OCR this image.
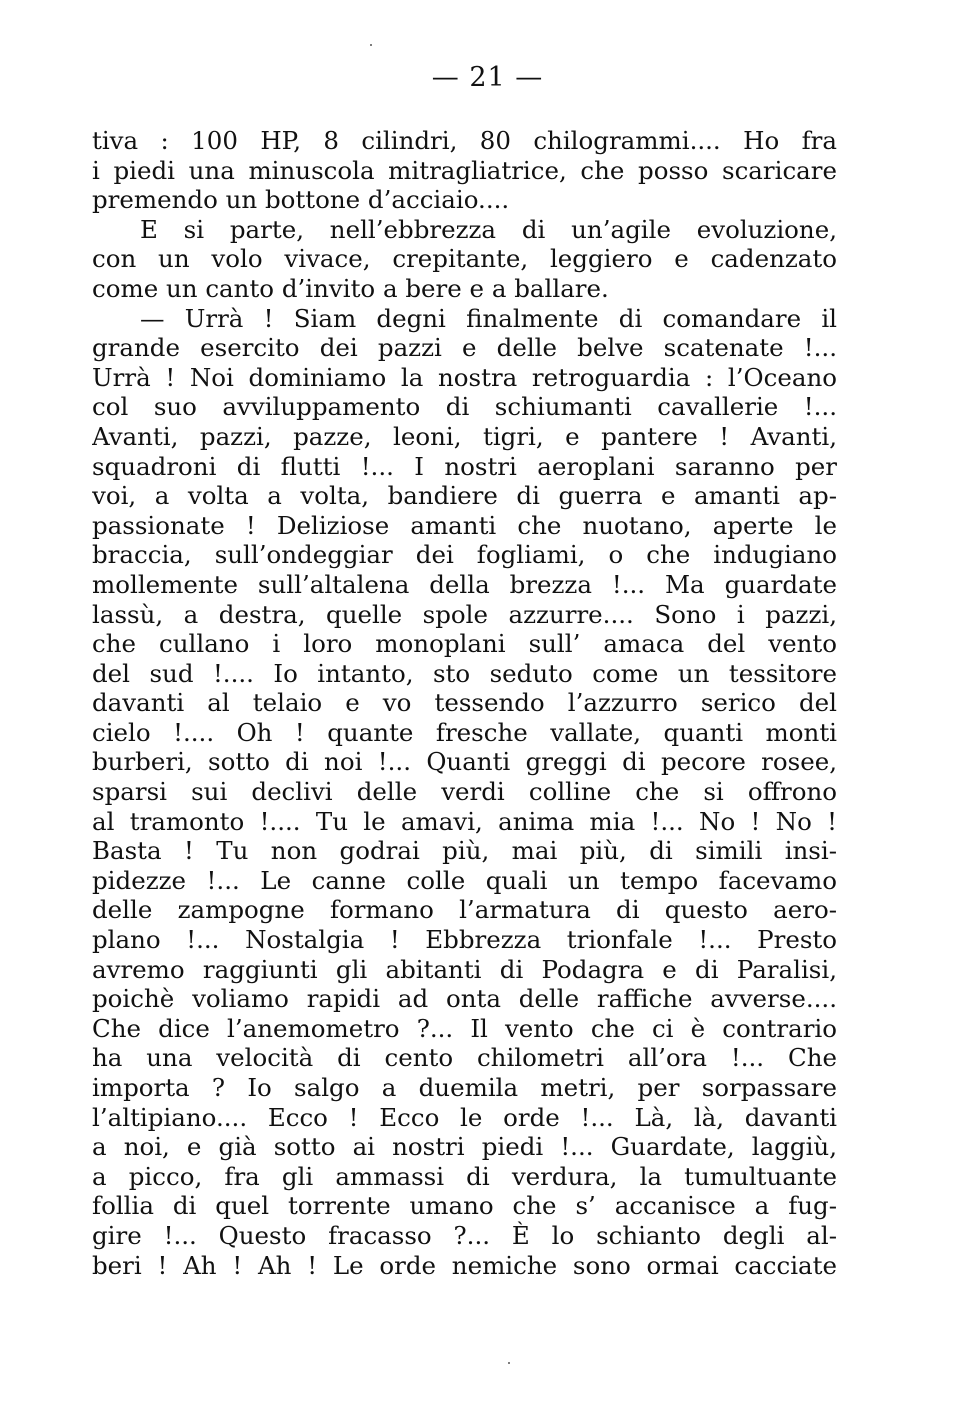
— 21 —
tiva : 100 HP, 8 cilindri, 80 chilogrammi.... Ho fra
i piedi una minuscola mitragliatrice, che posso scaricare
premendo un bottone d’acciaio....
E si parte, nell’ebbrezza di un’agile evoluzione,
con un volo vivace, crepitante, leggiero e cadenzato
come un canto d’invito a bere e a ballare.
— Urrà ! Siam degni finalmente di comandare il
grande esercito dei pazzi e delle belve scatenate !...
Urrà ! Noi dominiamo la nostra retroguardia : l’Oceano
col suo avviluppamento di schiumanti cavallerie !...
Avanti, pazzi, pazze, leoni, tigri, e pantere ! Avanti,
squadroni di flutti !... I nostri aeroplani saranno per
voi, a volta a volta, bandiere di guerra e amanti ap-
passionate ! Deliziose amanti che nuotano, aperte le
braccia, sull’ondeggiar dei fogliami, o che indugiano
mollemente sull’altalena della brezza !... Ma guardate
lassù, a destra, quelle spole azzurre.... Sono i pazzi,
che cullano i loro monoplani sull’ amaca del vento
del sud !.... Io intanto, sto seduto come un tessitore
davanti al telaio e vo tessendo l’azzurro serico del
cielo !.... Oh ! quante fresche vallate, quanti monti
burberi, sotto di noi !... Quanti greggi di pecore rosee,
sparsi sui declivi delle verdi colline che si offrono
al tramonto !.... Tu le amavi, anima mia !... No ! No !
Basta ! Tu non godrai più, mai più, di simili insi-
pidezze !... Le canne colle quali un tempo facevamo
delle zampogne formano l’armatura di questo aero-
plano !... Nostalgia ! Ebbrezza trionfale !... Presto
avremo raggiunti gli abitanti di Podagra e di Paralisi,
poichè voliamo rapidi ad onta delle raffiche avverse....
Che dice l’anemometro ?... Il vento che ci è contrario
ha una velocità di cento chilometri all’ora !... Che
importa ? Io salgo a duemila metri, per sorpassare
l’altipiano.... Ecco ! Ecco le orde !... Là, là, davanti
a noi, e già sotto ai nostri piedi !... Guardate, laggiù,
a picco, fra gli ammassi di verdura, la tumultuante
follia di quel torrente umano che s’ accanisce a fug-
gire !... Questo fracasso ?... È lo schianto degli al-
beri ! Ah ! Ah ! Le orde nemiche sono ormai cacciate
